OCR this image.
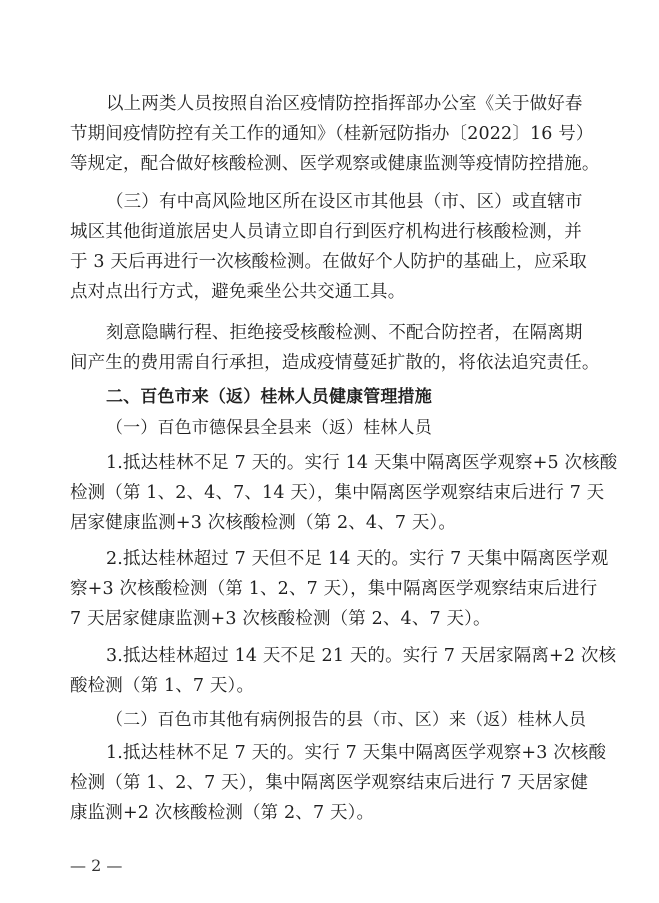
以上两类人员按照自治区疫情防控指挥部办公室《关于做好春
节期间疫情防控有关工作的通知》（桂新冠防指办〔2022〕16 号）
等规定，配合做好核酸检测、医学观察或健康监测等疫情防控措施。

（三）有中高风险地区所在设区市其他县（市、区）或直辖市
城区其他街道旅居史人员请立即自行到医疗机构进行核酸检测，并
于 3 天后再进行一次核酸检测。在做好个人防护的基础上，应采取
点对点出行方式，避免乘坐公共交通工具。

刻意隐瞒行程、拒绝接受核酸检测、不配合防控者，在隔离期
间产生的费用需自行承担，造成疫情蔓延扩散的，将依法追究责任。

二、百色市来（返）桂林人员健康管理措施

（一）百色市德保县全县来（返）桂林人员

1.抵达桂林不足 7 天的。实行 14 天集中隔离医学观察+5 次核酸
检测（第 1、2、4、7、14 天），集中隔离医学观察结束后进行 7 天
居家健康监测+3 次核酸检测（第 2、4、7 天）。

2.抵达桂林超过 7 天但不足 14 天的。实行 7 天集中隔离医学观
察+3 次核酸检测（第 1、2、7 天），集中隔离医学观察结束后进行
7 天居家健康监测+3 次核酸检测（第 2、4、7 天）。

3.抵达桂林超过 14 天不足 21 天的。实行 7 天居家隔离+2 次核
酸检测（第 1、7 天）。

（二）百色市其他有病例报告的县（市、区）来（返）桂林人员

1.抵达桂林不足 7 天的。实行 7 天集中隔离医学观察+3 次核酸
检测（第 1、2、7 天），集中隔离医学观察结束后进行 7 天居家健
康监测+2 次核酸检测（第 2、7 天）。

— 2 —
